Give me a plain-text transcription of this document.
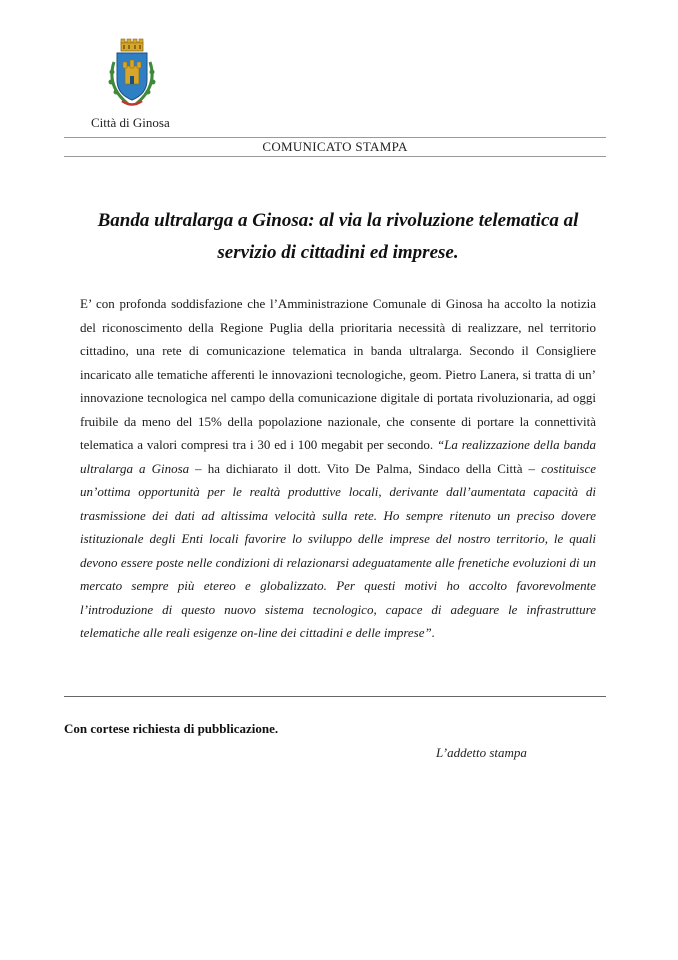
Città di Ginosa
COMUNICATO STAMPA
Banda ultralarga a Ginosa: al via la rivoluzione telematica al
servizio di cittadini ed imprese.
E’ con profonda soddisfazione che l’Amministrazione Comunale di Ginosa ha accolto la notizia del riconoscimento della Regione Puglia della prioritaria necessità di realizzare, nel territorio cittadino, una rete di comunicazione telematica in banda ultralarga. Secondo il Consigliere incaricato alle tematiche afferenti le innovazioni tecnologiche, geom. Pietro Lanera, si tratta di un’ innovazione tecnologica nel campo della comunicazione digitale di portata rivoluzionaria, ad oggi fruibile da meno del 15% della popolazione nazionale, che consente di portare la connettività telematica a valori compresi tra i 30 ed i 100 megabit per secondo. “La realizzazione della banda ultralarga a Ginosa – ha dichiarato il dott. Vito De Palma, Sindaco della Città – costituisce un’ottima opportunità per le realtà produttive locali, derivante dall’aumentata capacità di trasmissione dei dati ad altissima velocità sulla rete. Ho sempre ritenuto un preciso dovere istituzionale degli Enti locali favorire lo sviluppo delle imprese del nostro territorio, le quali devono essere poste nelle condizioni di relazionarsi adeguatamente alle frenetiche evoluzioni di un mercato sempre più etereo e globalizzato. Per questi motivi ho accolto favorevolmente l’introduzione di questo nuovo sistema tecnologico, capace di adeguare le infrastrutture telematiche alle reali esigenze on-line dei cittadini e delle imprese”.
Con cortese richiesta di pubblicazione.
L’addetto stampa
